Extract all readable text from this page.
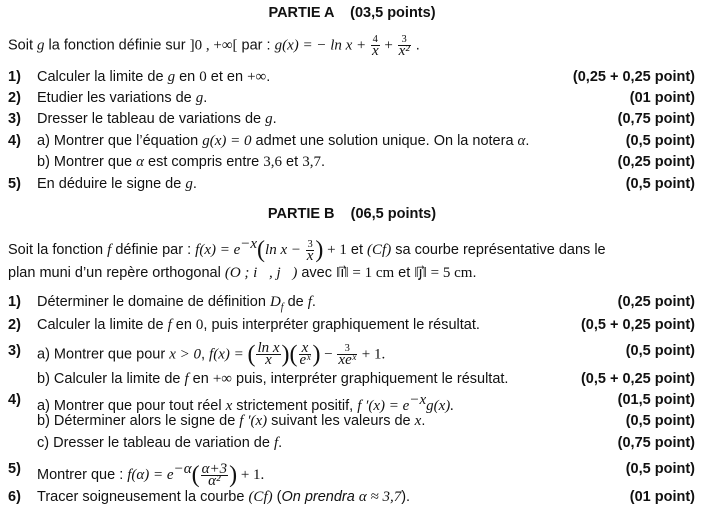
PARTIE A (03,5 points)
Soit g la fonction définie sur ]0 , +∞[ par : g(x) = − $\ln x + \frac{4}{x} + \frac{3}{\text{x²}}$ .
1) Calculer la limite de g en 0 et en +∞.	(0,25 + 0,25 point)
2) Etudier les variations de g.	(01 point)
3) Dresser le tableau de variations de g.	(0,75 point)
4) a) Montrer que l’équation g(x) = 0 admet une solution unique. On la notera α.	(0,5 point)
b) Montrer que α est compris entre 3,6 et 3,7.	(0,25 point)
5) En déduire le signe de g.	(0,5 point)
PARTIE B (06,5 points)
Soit la fonction f définie par : $f(x) = e^{-x}(\ln$ $x - \frac{3}{x}$ ) + 1 et (Cf) sa courbe représentative dans le
plan muni d’un repère orthogonal (O ; i⃗, j⃗) avec ‖i⃗‖ = 1 cm et ‖j⃗‖ = 5 cm.
1) Déterminer le domaine de définition $D_f$ de f.	(0,25 point)
2) Calculer la limite de f en 0, puis interpréter graphiquement le résultat.	(0,5 + 0,25 point)
3) a) Montrer que pour x > 0, f(x) = ( $\frac{\text{ln x}}{x}$ )( $\frac{x}{\text{eˣ}}$ ) − $\frac{3}{\text{xeˣ}} + 1$.	(0,5 point)
b) Calculer la limite de f en +∞ puis, interpréter graphiquement le résultat.	(0,5 + 0,25 point)
4) a) Montrer que pour tout réel x strictement positif, f $'(x) = e^{-x}g(x)$.	(01,5 point)
b) Déterminer alors le signe de f ′(x) suivant les valeurs de x.	(0,5 point)
c) Dresser le tableau de variation de f.	(0,75 point)
5) Montrer que : $f(\alpha) = e^{-\alpha}( \frac{\alpha+3}{\text{α²}}$ ) + 1.	(0,5 point)
6) Tracer soigneusement la courbe (Cf) (On prendra α ≈ 3,7).	(01 point)
